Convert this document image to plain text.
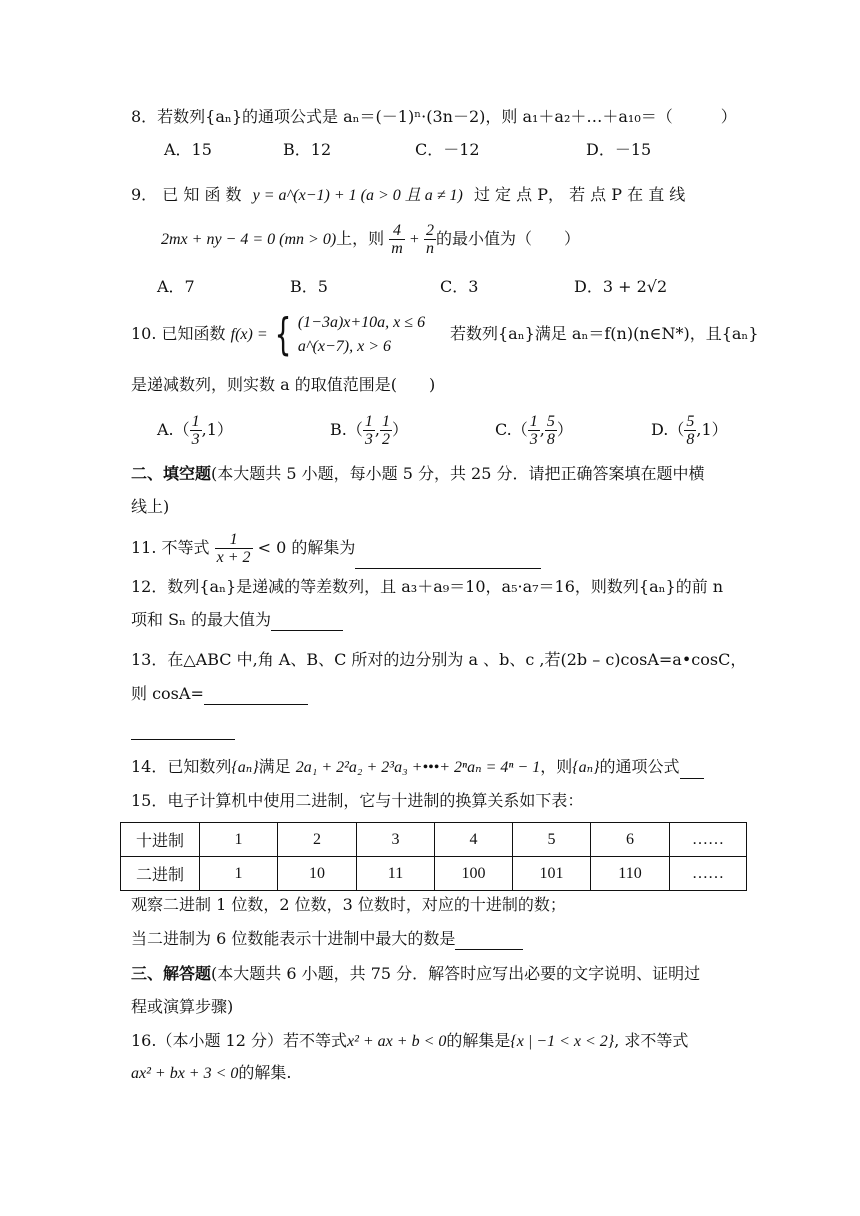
8．若数列{aₙ}的通项公式是 aₙ＝(－1)ⁿ·(3n－2)，则 a₁＋a₂＋…＋a₁₀＝（　　　）
A．15	B．12	C．－12	D．－15
9． 已 知 函 数 y = a^(x−1) + 1 (a > 0 且 a ≠ 1) 过 定 点 P， 若 点 P 在 直 线
2mx + ny − 4 = 0 (mn > 0)上，则 $\frac{4}{m} + \frac{2}{n}$ 的最小值为（　　）
A．7	B．5	C．3	D．3 + 2√2
10. 已知函数 f(x) = { (1−3a)x+10a, x ≤ 6
a^(x−7), x > 6
若数列{aₙ}满足 aₙ＝f(n)(n∈N*)，且{aₙ}
是递减数列，则实数 a 的取值范围是(　　)
$A.( \frac{1}{3} ,1)$	$B.( \frac{1}{3}$ , $\frac{1}{2}$ ）	$C.( \frac{1}{3}$ , $\frac{5}{8}$ ）	$D.( \frac{5}{8} ,1)$
二、填空题(本大题共 5 小题，每小题 5 分，共 25 分．请把正确答案填在题中横
线上)
11. 不等式 $\frac{1}{x + 2} < 0$ 的解集为
12．数列{aₙ}是递减的等差数列，且 a₃＋a₉＝10，a₅·a₇＝16，则数列{aₙ}的前 n
项和 Sₙ 的最大值为
13．在△ABC 中,角 A、B、C 所对的边分别为 a 、b、c ,若(2b – c)cosA=a•cosC，
则 cosA=
14．已知数列{aₙ}满足 2a₁ + 2²a₂ + 2³a₃ +•••+ 2ⁿaₙ = 4ⁿ − 1，则{aₙ}的通项公式
15．电子计算机中使用二进制，它与十进制的换算关系如下表：
十进制	1	2	3	4	5	6	……
二进制	1	10	11	100	101	110	……
观察二进制 1 位数，2 位数，3 位数时，对应的十进制的数；
当二进制为 6 位数能表示十进制中最大的数是
三、解答题(本大题共 6 小题，共 75 分．解答时应写出必要的文字说明、证明过
程或演算步骤)
16.（本小题 12 分）若不等式x² + ax + b < 0的解集是{x | −1 < x < 2}, 求不等式
ax² + bx + 3 < 0的解集.
